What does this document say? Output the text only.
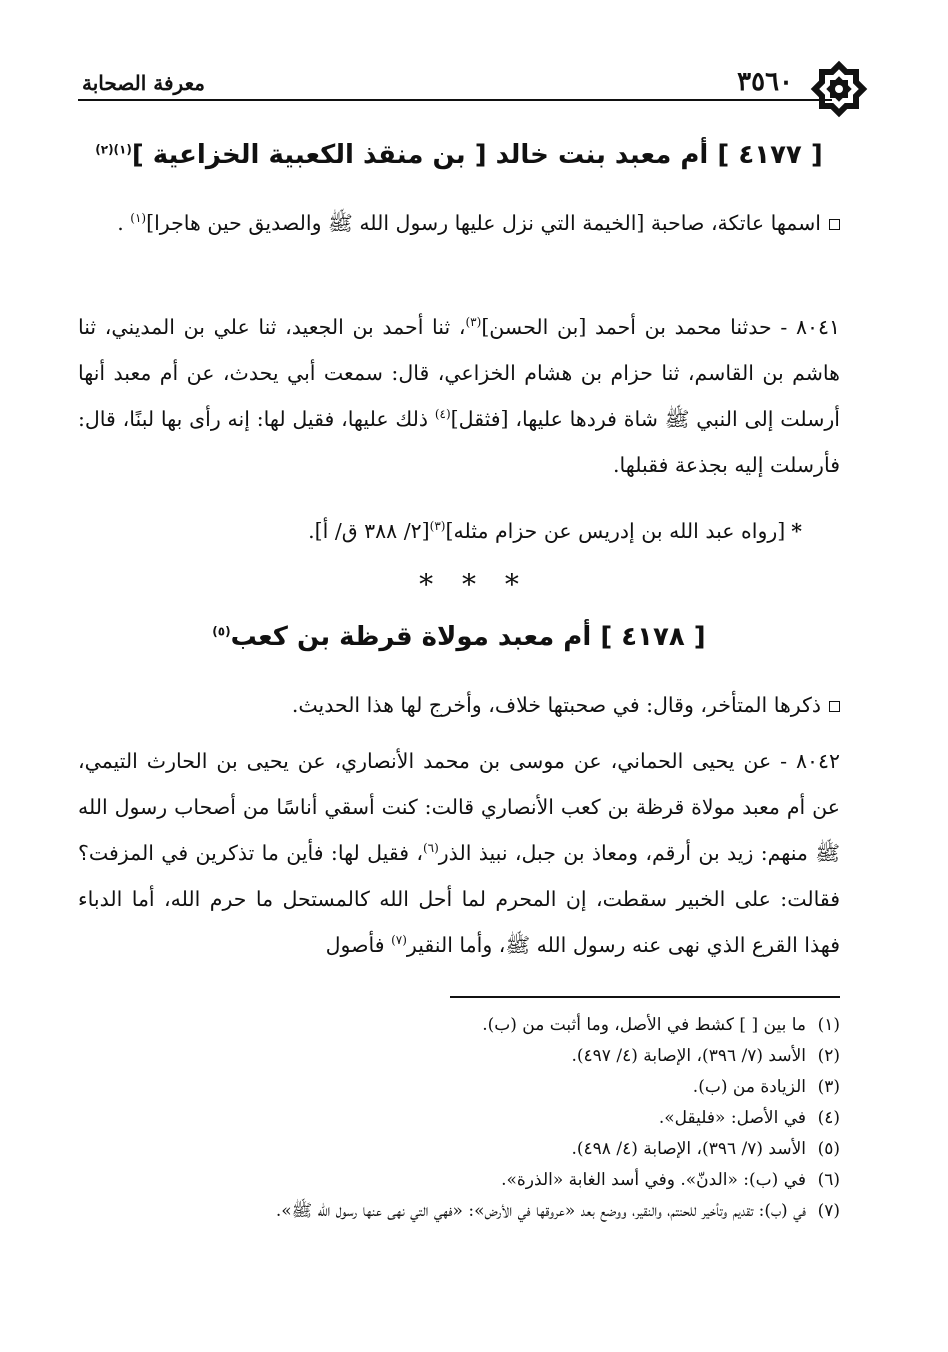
٣٥٦٠
معرفة الصحابة
[ ٤١٧٧ ] أم معبد بنت خالد [ بن منقذ الكعبية الخزاعية ]$^{(١)(٢)}$

اسمها عاتكة، صاحبة [الخيمة التي نزل عليها رسول الله ﷺ والصديق حين هاجرا]$^{(١)}$ .

٨٠٤١ - حدثنا محمد بن أحمد [بن الحسن]$^{(٣)}$، ثنا أحمد بن الجعيد، ثنا علي بن المديني، ثنا هاشم بن القاسم، ثنا حزام بن هشام الخزاعي، قال: سمعت أبي يحدث، عن أم معبد أنها أرسلت إلى النبي ﷺ شاة فردها عليها، [فثقل]$^{(٤)}$ ذلك عليها، فقيل لها: إنه رأى بها لبنًا، قال: فأرسلت إليه بجذعة فقبلها.

*[رواه عبد الله بن إدريس عن حزام مثله]$^{(٣)}$[٢/ ٣٨٨ ق/ أ].

* * *
[ ٤١٧٨ ] أم معبد مولاة قرظة بن كعب$^{(٥)}$

ذكرها المتأخر، وقال: في صحبتها خلاف، وأخرج لها هذا الحديث.

٨٠٤٢ - عن يحيى الحماني، عن موسى بن محمد الأنصاري، عن يحيى بن الحارث التيمي، عن أم معبد مولاة قرظة بن كعب الأنصاري قالت: كنت أسقي أناسًا من أصحاب رسول الله ﷺ منهم: زيد بن أرقم، ومعاذ بن جبل، نبيذ الذر$^{(٦)}$، فقيل لها: فأين ما تذكرين في المزفت؟ فقالت: على الخبير سقطت، إن المحرم لما أحل الله كالمستحل ما حرم الله، أما الدباء فهذا القرع الذي نهى عنه رسول الله ﷺ، وأما النقير$^{(٧)}$ فأصول

(١)ما بين [ ] كشط في الأصل، وما أثبت من (ب).

(٢)الأسد (٧/ ٣٩٦)، الإصابة (٤/ ٤٩٧).

(٣)الزيادة من (ب).

(٤)في الأصل: «فليقل».

(٥)الأسد (٧/ ٣٩٦)، الإصابة (٤/ ٤٩٨).

(٦)في (ب): «الدنّ». وفي أسد الغابة «الذرة».

(٧)في (ب): تقديم وتأخير للحنتم، والنقير، ووضع بعد «عروقها في الأرض»: «فهي التي نهى عنها رسول الله ﷺ».
